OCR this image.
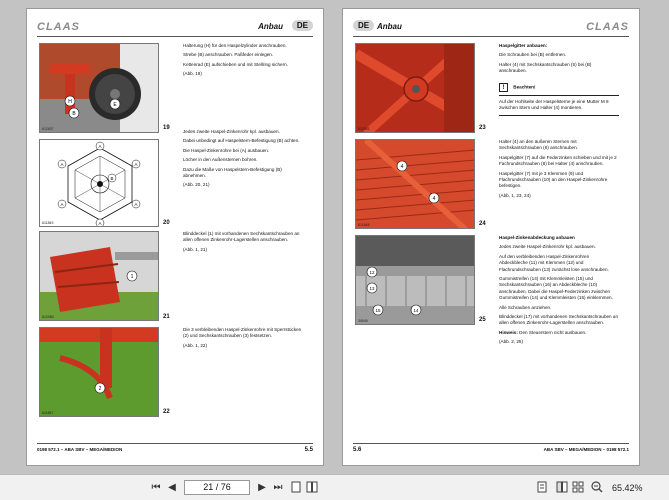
CLAAS	Anbau	DE
H
B
E
612637	19

Halterung (H) für den Haspelzylinder anschrauben.

Strebe (B) anschrauben. Paßfeder einlegen.

Kettenrad (E) aufschieben und mit Stellring sichern.

(Abb. 19)

A
A
A
A
A
A
B
611849	20

Jedes zweite Haspel-Zinkenrohr kpl. ausbauen.

Dabei unbedingt auf Haspelstern-Befestigung (B) achten.

Die Haspel-Zinkenrohre bei (A) ausbauen.

Löcher in den Außensternen bohren.

Dazu die Maße von Haspelstern-Befestigung (B) abnehmen.

(Abb. 20, 21)

1
612080	21

Blinddeckel (1) mit vorhandenen Sechskantschrauben an allen offenen Zinkenrohr-Lagerstellen anschrauben.

(Abb. 1, 21)

2
611847	22

Die 3 verbleibenden Haspel-Zinkenrohre mit Sperrstücken (2) und Sechskantschrauben (3) festsetzen.

(Abb. 1, 22)

0198 572.1 – ABA SBV – MEGA/MEDION	5.5
DE Anbau	CLAAS
612061	23

Haspelgitter anbauen:

Die Schrauben bei (B) entfernen.

Halter (4) mit Sechskantschrauben (5) bei (B) anschrauben.

! Beachten!
Auf der Hohlseite der Haspelsterne je eine Mutter M 8 zwischen Stern und Halter (4) montieren.
4
4
611848	24

Halter (4) an den äußeren Sternen mit Sechskantschrauben (6) anschrauben.

Haspelgitter (7) auf die Federzinken schieben und mit je 2 Fachrundschrauben (8) bei Halter (4) anschrauben.

Haspelgitter (7) mit je 3 Klemmen (9) und Flachrundschrauben (10) an den Haspel-Zinkenrohre befestigen.

(Abb. 1, 23, 24)

12
13
15	14
39549	25

Haspel-Zinkenabdeckung anbauen

Jedes zweite Haspel-Zinkenrohr kpl. ausbauen.

Auf den verbleibenden Haspel-Zinkenrohren Abdeckbleche (11) mit Klemmen (12) und Flachrundschrauben (13) zunächst lose anschrauben.

Gummistreifen (14) mit Klemmleisten (15) und Sechskantschrauben (16) an Abdeckbleche (10) anschrauben. Dabei die Haspel-Federzinken zwischen Gummistreifen (14) und Klemmleisten (15) einklemmen.

Alle Schrauben anziehen.

Blinddeckel (17) mit vorhandenen Sechskantschrauben an allen offenen Zinkenrohr-Lagerstellen anschrauben.

Hinweis: Den Steuerstern nicht ausbauen.

(Abb. 2, 25)

5.6	ABA SBV – MEGA/MEDION – 0198 572.1
⏮ ◀	21 / 76	▶ ⏭	65.42%
